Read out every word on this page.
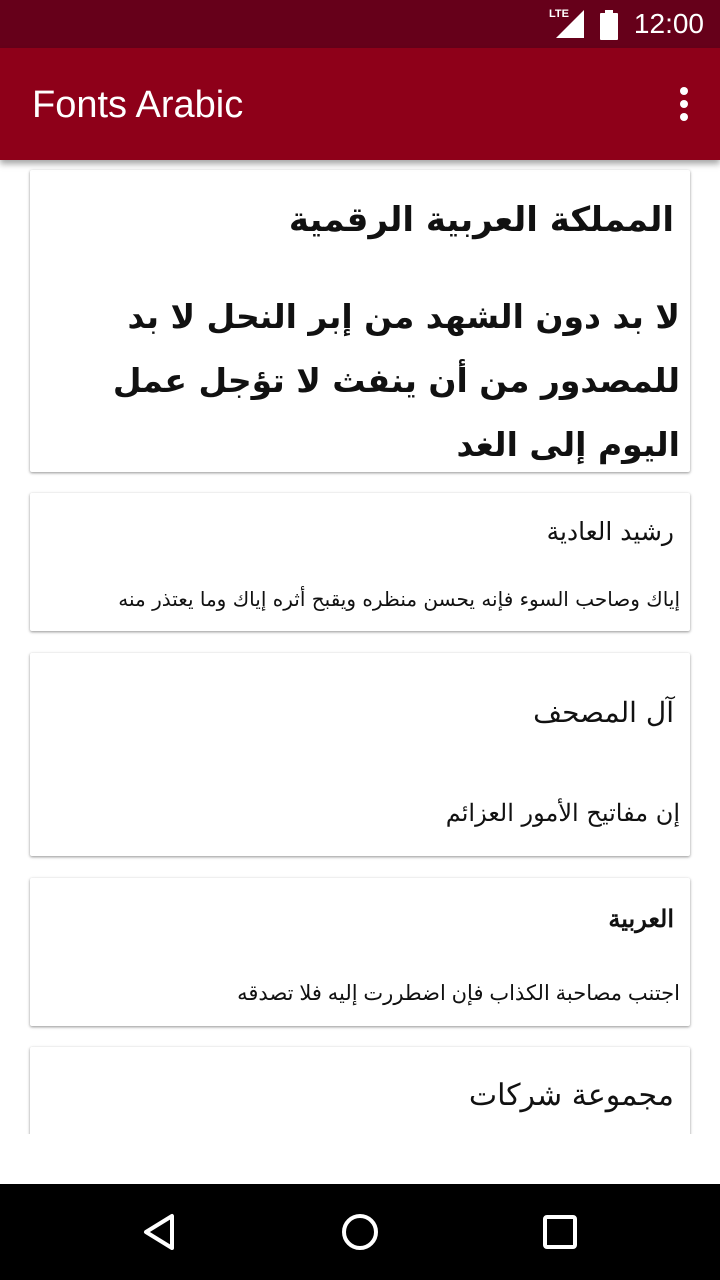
LTE 12:00
Fonts Arabic
المملكة العربية الرقمية
لا بد دون الشهد من إبر النحل لا بد للمصدور من أن ينفث لا تؤجل عمل اليوم إلى الغد
رشيد العادية
إياك وصاحب السوء فإنه يحسن منظره ويقبح أثره إياك وما يعتذر منه
آل المصحف
إن مفاتيح الأمور العزائم
العربية
اجتنب مصاحبة الكذاب فإن اضطررت إليه فلا تصدقه
مجموعة شركات
